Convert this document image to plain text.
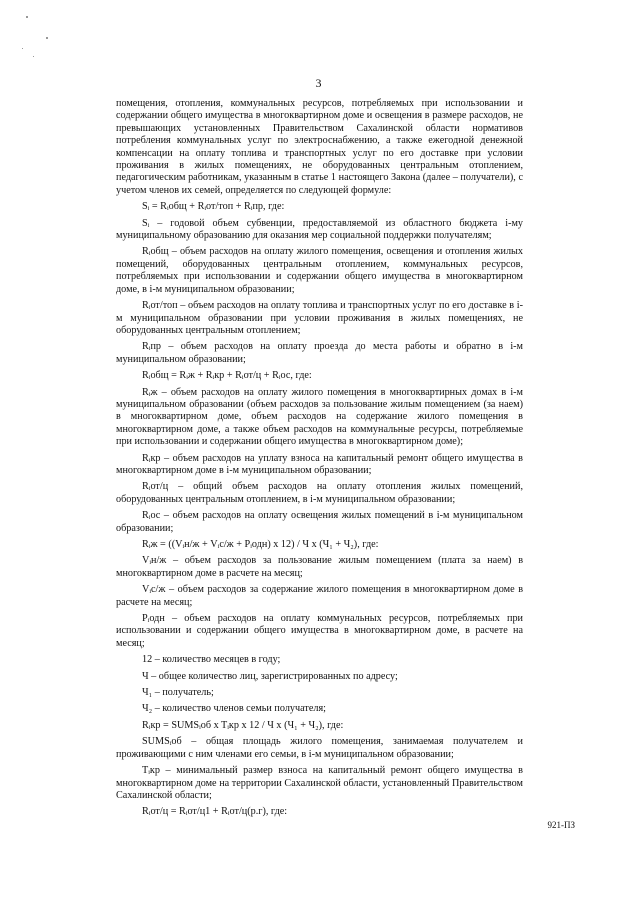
3

помещения, отопления, коммунальных ресурсов, потребляемых при использовании и содержании общего имущества в многоквартирном доме и освещения в размере расходов, не превышающих установленных Правительством Сахалинской области нормативов потребления коммунальных услуг по электроснабжению, а также ежегодной денежной компенсации на оплату топлива и транспортных услуг по его доставке при условии проживания в жилых помещениях, не оборудованных центральным отоплением, педагогическим работникам, указанным в статье 1 настоящего Закона (далее – получатели), с учетом членов их семей, определяется по следующей формуле:

Sᵢ = Rᵢобщ + Rᵢот/топ + Rᵢпр, где:

Sᵢ – годовой объем субвенции, предоставляемой из областного бюджета i-му муниципальному образованию для оказания мер социальной поддержки получателям;

Rᵢобщ – объем расходов на оплату жилого помещения, освещения и отопления жилых помещений, оборудованных центральным отоплением, коммунальных ресурсов, потребляемых при использовании и содержании общего имущества в многоквартирном доме, в i-м муниципальном образовании;

Rᵢот/топ – объем расходов на оплату топлива и транспортных услуг по его доставке в i-м муниципальном образовании при условии проживания в жилых помещениях, не оборудованных центральным отоплением;

Rᵢпр – объем расходов на оплату проезда до места работы и обратно в i-м муниципальном образовании;

Rᵢобщ = Rᵢж + Rᵢкр + Rᵢот/ц + Rᵢос, где:

Rᵢж – объем расходов на оплату жилого помещения в многоквартирных домах в i-м муниципальном образовании (объем расходов за пользование жилым помещением (за наем) в многоквартирном доме, объем расходов на содержание жилого помещения в многоквартирном доме, а также объем расходов на коммунальные ресурсы, потребляемые при использовании и содержании общего имущества в многоквартирном доме);

Rᵢкр – объем расходов на уплату взноса на капитальный ремонт общего имущества в многоквартирном доме в i-м муниципальном образовании;

Rᵢот/ц – общий объем расходов на оплату отопления жилых помещений, оборудованных центральным отоплением, в i-м муниципальном образовании;

Rᵢос – объем расходов на оплату освещения жилых помещений в i-м муниципальном образовании;

Rᵢж = ((Vᵢн/ж + Vᵢс/ж + Pᵢодн) x 12) / Ч x (Ч₁ + Ч₂), где:

Vᵢн/ж – объем расходов за пользование жилым помещением (плата за наем) в многоквартирном доме в расчете на месяц;

Vᵢс/ж – объем расходов за содержание жилого помещения в многоквартирном доме в расчете на месяц;

Pᵢодн – объем расходов на оплату коммунальных ресурсов, потребляемых при использовании и содержании общего имущества в многоквартирном доме, в расчете на месяц;

12 – количество месяцев в году;

Ч – общее количество лиц, зарегистрированных по адресу;

Ч₁ – получатель;

Ч₂ – количество членов семьи получателя;

Rᵢкр = SUMSᵢоб x Tᵢкр x 12 / Ч x (Ч₁ + Ч₂), где:

SUMSᵢоб – общая площадь жилого помещения, занимаемая получателем и проживающими с ним членами его семьи, в i-м муниципальном образовании;

Tᵢкр – минимальный размер взноса на капитальный ремонт общего имущества в многоквартирном доме на территории Сахалинской области, установленный Правительством Сахалинской области;

Rᵢот/ц = Rᵢот/ц1 + Rᵢот/ц(р.г), где:

921-ПЗ
